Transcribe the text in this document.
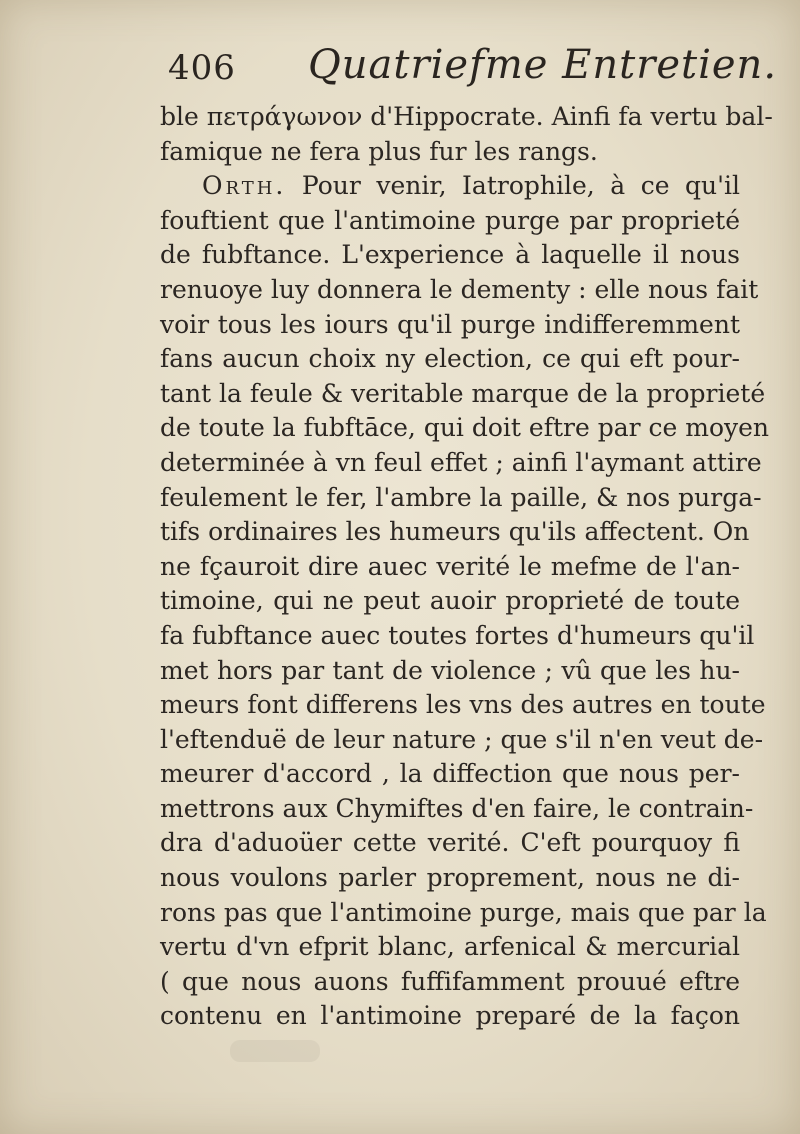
406 Quatriefme Entretien.
ble πετράγωνον d'Hippocrate. Ainfi fa vertu bal-
famique ne fera plus fur les rangs.
Orth. Pour venir, Iatrophile, à ce qu'il
fouftient que l'antimoine purge par proprieté
de fubftance. L'experience à laquelle il nous
renuoye luy donnera le dementy : elle nous fait
voir tous les iours qu'il purge indifferemment
fans aucun choix ny election, ce qui eft pour-
tant la feule & veritable marque de la proprieté
de toute la fubftāce, qui doit eftre par ce moyen
determinée à vn feul effet ; ainfi l'aymant attire
feulement le fer, l'ambre la paille, & nos purga-
tifs ordinaires les humeurs qu'ils affectent. On
ne fçauroit dire auec verité le mefme de l'an-
timoine, qui ne peut auoir proprieté de toute
fa fubftance auec toutes fortes d'humeurs qu'il
met hors par tant de violence ; vû que les hu-
meurs font differens les vns des autres en toute
l'eftenduë de leur nature ; que s'il n'en veut de-
meurer d'accord , la diffection que nous per-
mettrons aux Chymiftes d'en faire, le contrain-
dra d'aduoüer cette verité. C'eft pourquoy fi
nous voulons parler proprement, nous ne di-
rons pas que l'antimoine purge, mais que par la
vertu d'vn efprit blanc, arfenical & mercurial
( que nous auons fuffifamment prouué eftre
contenu en l'antimoine preparé de la façon
